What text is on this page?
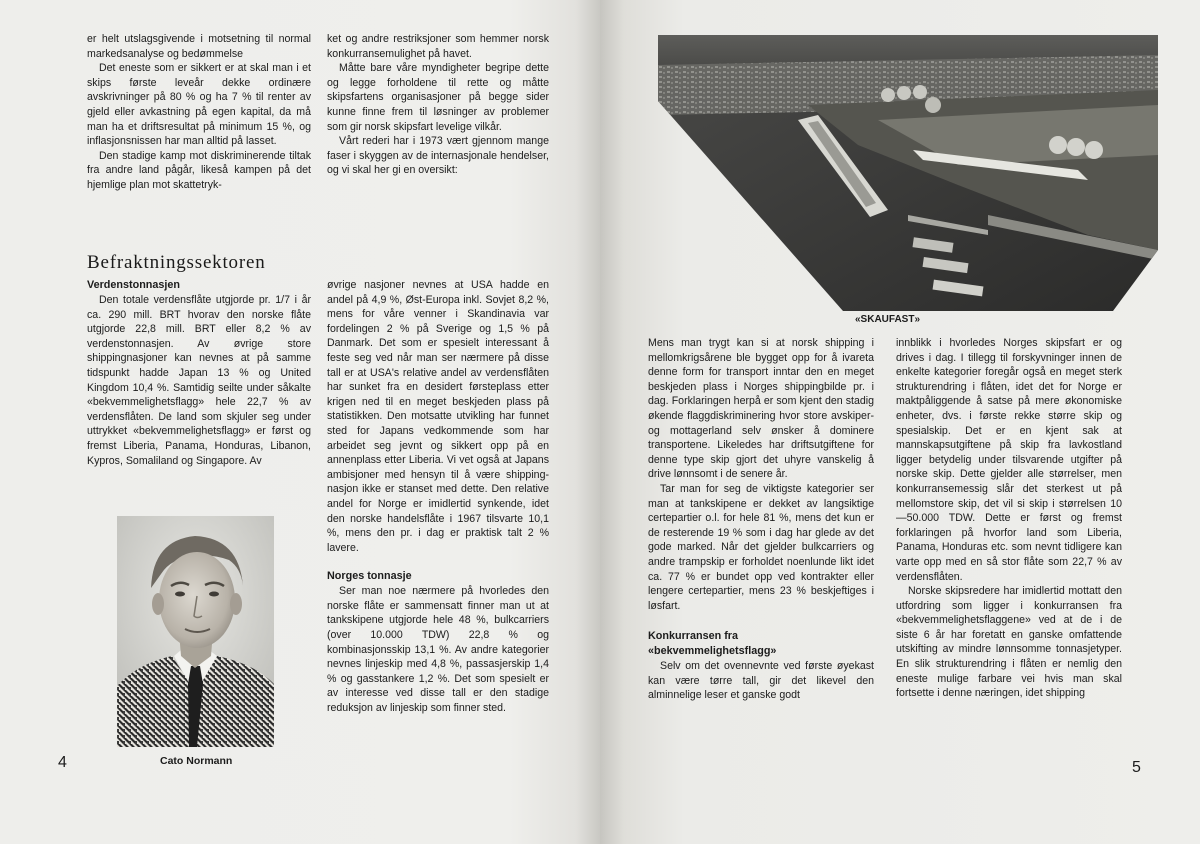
er helt utslagsgivende i motsetning til normal markedsanalyse og bedømmelse

Det eneste som er sikkert er at skal man i et skips første leveår dekke ordinære avskrivninger på 80 % og ha 7 % til renter av gjeld eller avkastning på egen kapital, da må man ha et driftsresultat på minimum 15 %, og inflasjonsnissen har man alltid på lasset.

Den stadige kamp mot diskriminerende tiltak fra andre land pågår, likeså kampen på det hjemlige plan mot skattetryk-

ket og andre restriksjoner som hemmer norsk konkurransemulighet på havet.

Måtte bare våre myndigheter begripe dette og legge forholdene til rette og måtte skipsfartens organisasjoner på begge sider kunne finne frem til løsninger av problemer som gir norsk skipsfart levelige vilkår.

Vårt rederi har i 1973 vært gjennom mange faser i skyggen av de internasjonale hendelser, og vi skal her gi en oversikt:

Befraktningssektoren
Verdenstonnasjen

Den totale verdensflåte utgjorde pr. 1/7 i år ca. 290 mill. BRT hvorav den norske flåte utgjorde 22,8 mill. BRT eller 8,2 % av verdenstonnasjen. Av øvrige store shippingnasjoner kan nevnes at på samme tidspunkt hadde Japan 13 % og United Kingdom 10,4 %. Samtidig seilte under såkalte «bekvemmelighetsflagg» hele 22,7 % av verdensflåten. De land som skjuler seg under uttrykket «bekvemmelighetsflagg» er først og fremst Liberia, Panama, Honduras, Libanon, Kypros, Somaliland og Singapore. Av

Cato Normann

øvrige nasjoner nevnes at USA hadde en andel på 4,9 %, Øst-Europa inkl. Sovjet 8,2 %, mens for våre venner i Skandinavia var fordelingen 2 % på Sverige og 1,5 % på Danmark. Det som er spesielt interessant å feste seg ved når man ser nærmere på disse tall er at USA's relative andel av verdensflåten har sunket fra en desidert førsteplass etter krigen ned til en meget beskjeden plass på statistikken. Den motsatte utvikling har funnet sted for Japans vedkommende som har arbeidet seg jevnt og sikkert opp på en annenplass etter Liberia. Vi vet også at Japans ambisjoner med hensyn til å være shipping-nasjon ikke er stanset med dette. Den relative andel for Norge er imidlertid synkende, idet den norske handelsflåte i 1967 tilsvarte 10,1 %, mens den pr. i dag er praktisk talt 2 % lavere.

Norges tonnasje

Ser man noe nærmere på hvorledes den norske flåte er sammensatt finner man ut at tankskipene utgjorde hele 48 %, bulkcarriers (over 10.000 TDW) 22,8 % og kombinasjonsskip 13,1 %. Av andre kategorier nevnes linjeskip med 4,8 %, passasjerskip 1,4 % og gasstankere 1,2 %. Det som spesielt er av interesse ved disse tall er den stadige reduksjon av linjeskip som finner sted.

4
«SKAUFAST»

Mens man trygt kan si at norsk shipping i mellomkrigsårene ble bygget opp for å ivareta denne form for transport inntar den en meget beskjeden plass i Norges shippingbilde pr. i dag. Forklaringen herpå er som kjent den stadig økende flaggdiskriminering hvor store avskiper- og mottagerland selv ønsker å dominere transportene. Likeledes har driftsutgiftene for denne type skip gjort det uhyre vanskelig å drive lønnsomt i de senere år.

Tar man for seg de viktigste kategorier ser man at tankskipene er dekket av langsiktige certepartier o.l. for hele 81 %, mens det kun er de resterende 19 % som i dag har glede av det gode marked. Når det gjelder bulkcarriers og andre trampskip er forholdet noenlunde likt idet ca. 77 % er bundet opp ved kontrakter eller lengere certepartier, mens 23 % beskjeftiges i løsfart.

Konkurransen fra «bekvemmelighetsflagg»

Selv om det ovennevnte ved første øyekast kan være tørre tall, gir det likevel den alminnelige leser et ganske godt

innblikk i hvorledes Norges skipsfart er og drives i dag. I tillegg til forskyvninger innen de enkelte kategorier foregår også en meget sterk strukturendring i flåten, idet det for Norge er maktpåliggende å satse på mere økonomiske enheter, dvs. i første rekke større skip og spesialskip. Det er en kjent sak at mannskapsutgiftene på skip fra lavkostland ligger betydelig under tilsvarende utgifter på norske skip. Dette gjelder alle størrelser, men konkurransemessig slår det sterkest ut på mellomstore skip, det vil si skip i størrelsen 10—50.000 TDW. Dette er først og fremst forklaringen på hvorfor land som Liberia, Panama, Honduras etc. som nevnt tidligere kan varte opp med en så stor flåte som 22,7 % av verdensflåten.

Norske skipsredere har imidlertid mottatt den utfordring som ligger i konkurransen fra «bekvemmelighetsflaggene» ved at de i de siste 6 år har foretatt en ganske omfattende utskifting av mindre lønnsomme tonnasjetyper. En slik strukturendring i flåten er nemlig den eneste mulige farbare vei hvis man skal fortsette i denne næringen, idet shipping

5
